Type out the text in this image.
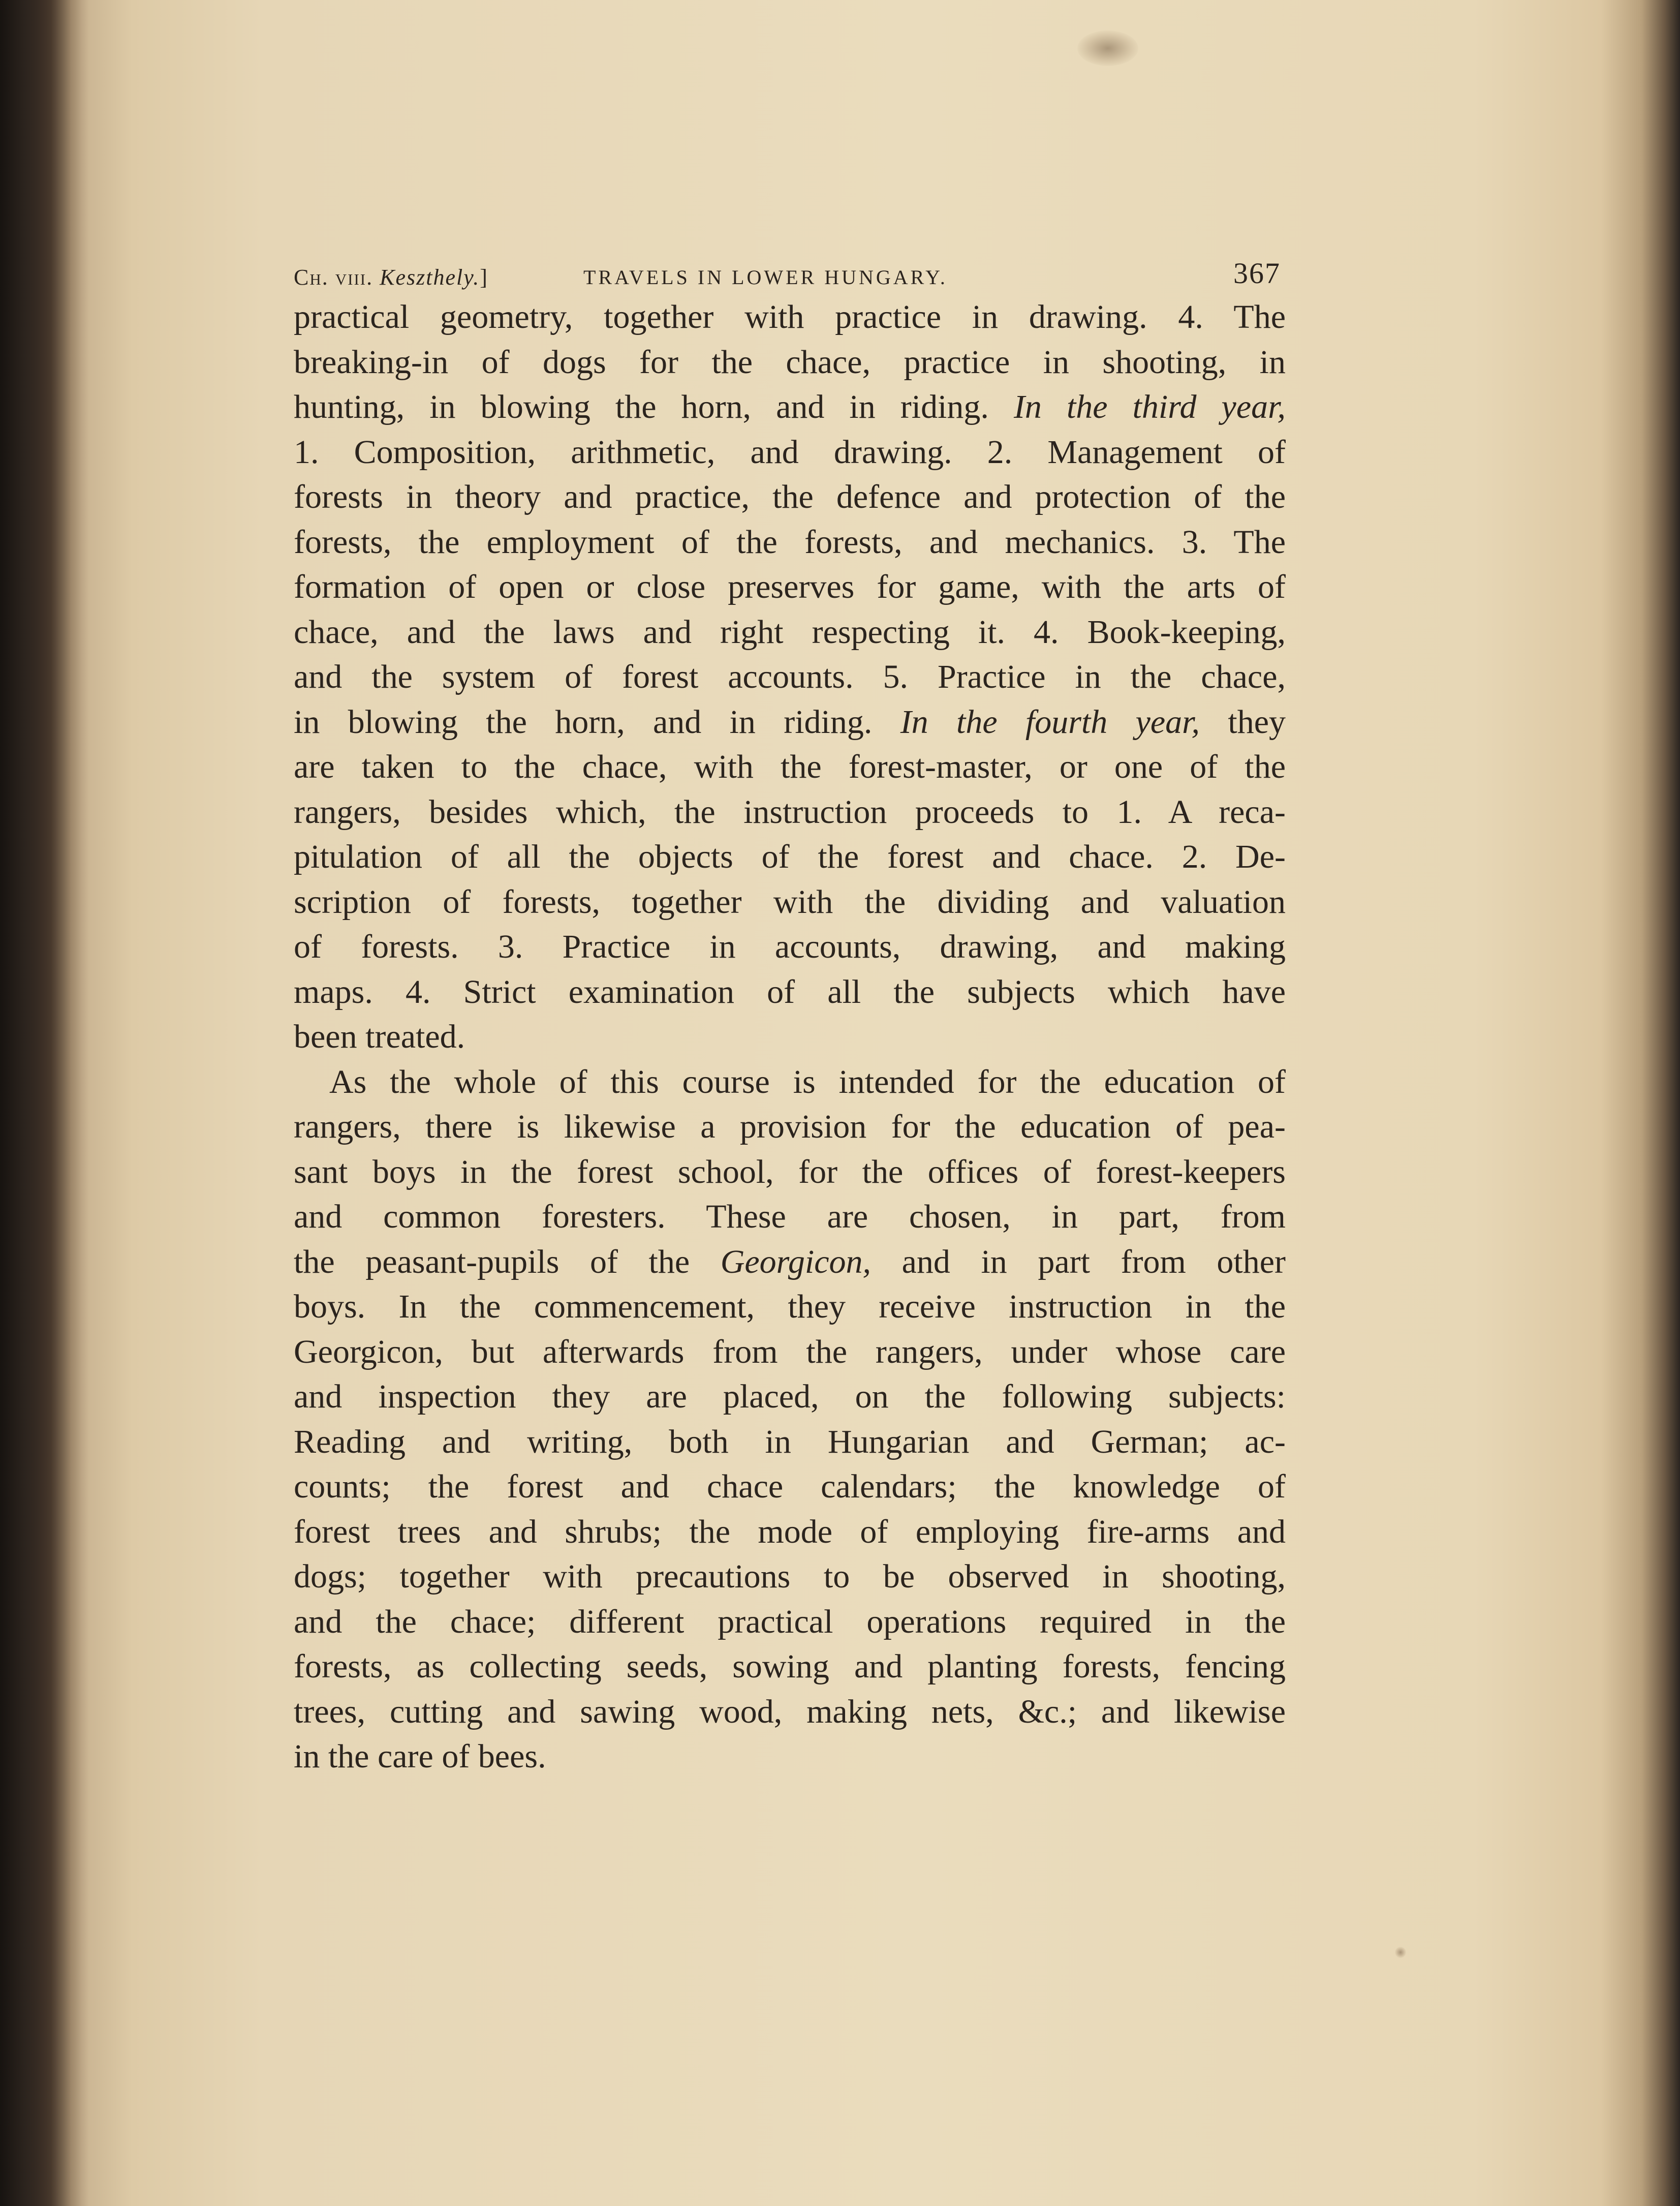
Ch. viii. Keszthely.]	TRAVELS IN LOWER HUNGARY.	367
practical geometry, together with practice in drawing. 4. The
breaking-in of dogs for the chace, practice in shooting, in
hunting, in blowing the horn, and in riding. In the third year,
1. Composition, arithmetic, and drawing. 2. Management of
forests in theory and practice, the defence and protection of the
forests, the employment of the forests, and mechanics. 3. The
formation of open or close preserves for game, with the arts of
chace, and the laws and right respecting it. 4. Book-keeping,
and the system of forest accounts. 5. Practice in the chace,
in blowing the horn, and in riding. In the fourth year, they
are taken to the chace, with the forest-master, or one of the
rangers, besides which, the instruction proceeds to 1. A reca-
pitulation of all the objects of the forest and chace. 2. De-
scription of forests, together with the dividing and valuation
of forests. 3. Practice in accounts, drawing, and making
maps. 4. Strict examination of all the subjects which have
been treated.
As the whole of this course is intended for the education of
rangers, there is likewise a provision for the education of pea-
sant boys in the forest school, for the offices of forest-keepers
and common foresters. These are chosen, in part, from
the peasant-pupils of the Georgicon, and in part from other
boys. In the commencement, they receive instruction in the
Georgicon, but afterwards from the rangers, under whose care
and inspection they are placed, on the following subjects:
Reading and writing, both in Hungarian and German; ac-
counts; the forest and chace calendars; the knowledge of
forest trees and shrubs; the mode of employing fire-arms and
dogs; together with precautions to be observed in shooting,
and the chace; different practical operations required in the
forests, as collecting seeds, sowing and planting forests, fencing
trees, cutting and sawing wood, making nets, &c.; and likewise
in the care of bees.
